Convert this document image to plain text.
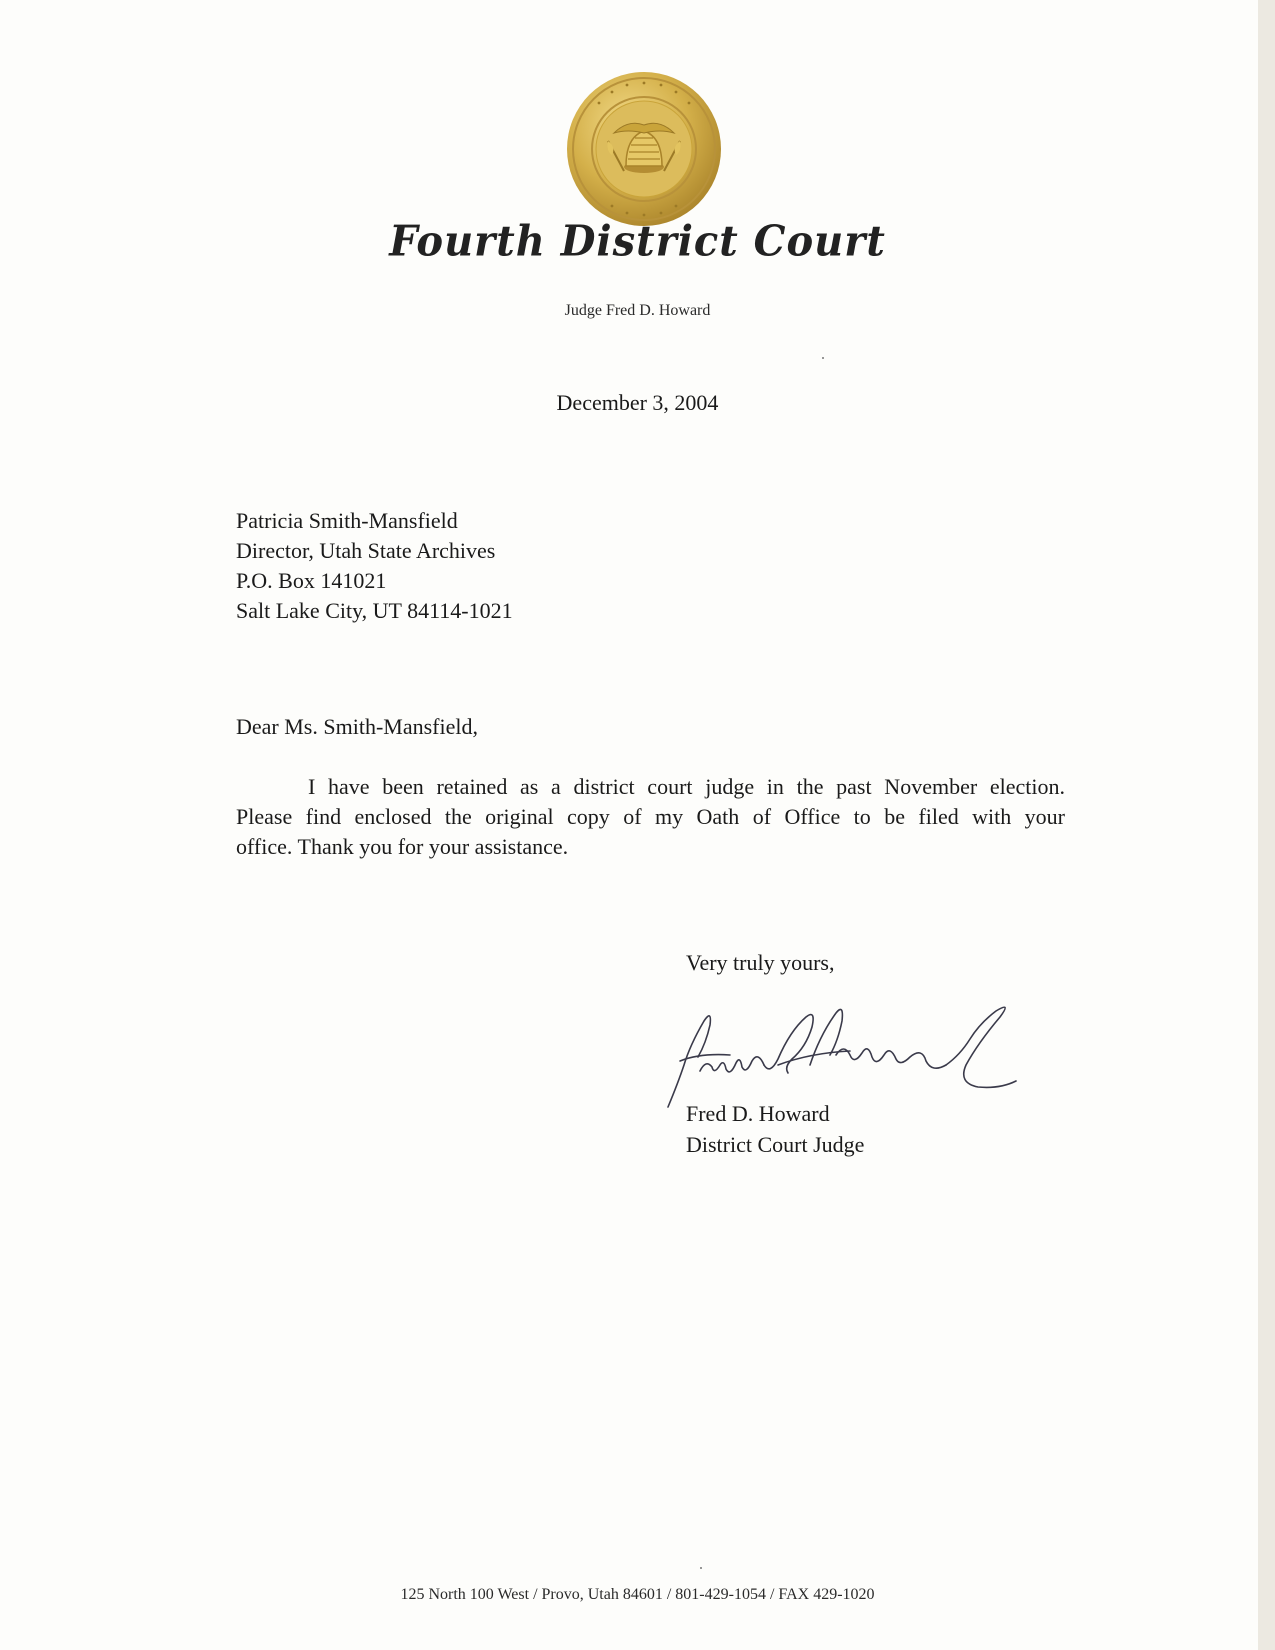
Fourth District Court
Judge Fred D. Howard
December 3, 2004
Patricia Smith-Mansfield
Director, Utah State Archives
P.O. Box 141021
Salt Lake City, UT 84114-1021
Dear Ms. Smith-Mansfield,
I have been retained as a district court judge in the past November election.
Please find enclosed the original copy of my Oath of Office to be filed with your
office. Thank you for your assistance.
Very truly yours,
Fred D. Howard
District Court Judge
125 North 100 West / Provo, Utah 84601 / 801-429-1054 / FAX 429-1020
